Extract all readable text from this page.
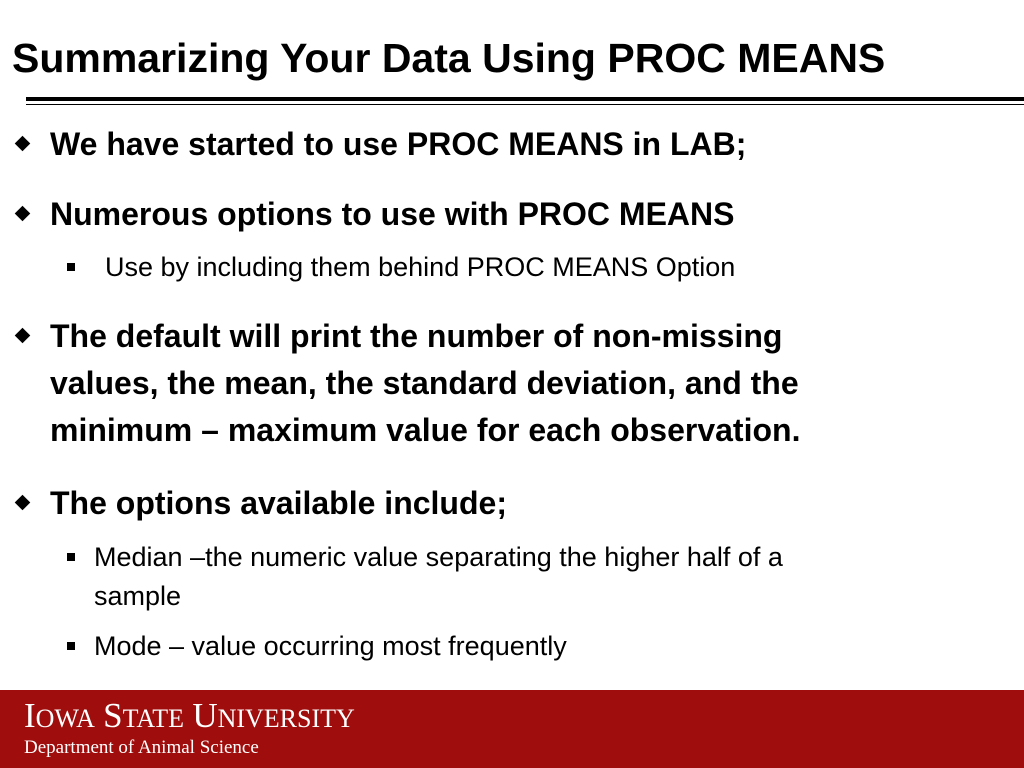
Summarizing Your Data Using PROC MEANS
We have started to use PROC MEANS in LAB;
Numerous options to use with PROC MEANS
Use by including them behind PROC MEANS Option
The default will print the number of non-missing
values, the mean, the standard deviation, and the
minimum – maximum value for each observation.
The options available include;
Median –the numeric value separating the higher half of a
sample
Mode – value occurring most frequently
IOWA STATE UNIVERSITY
Department of Animal Science
